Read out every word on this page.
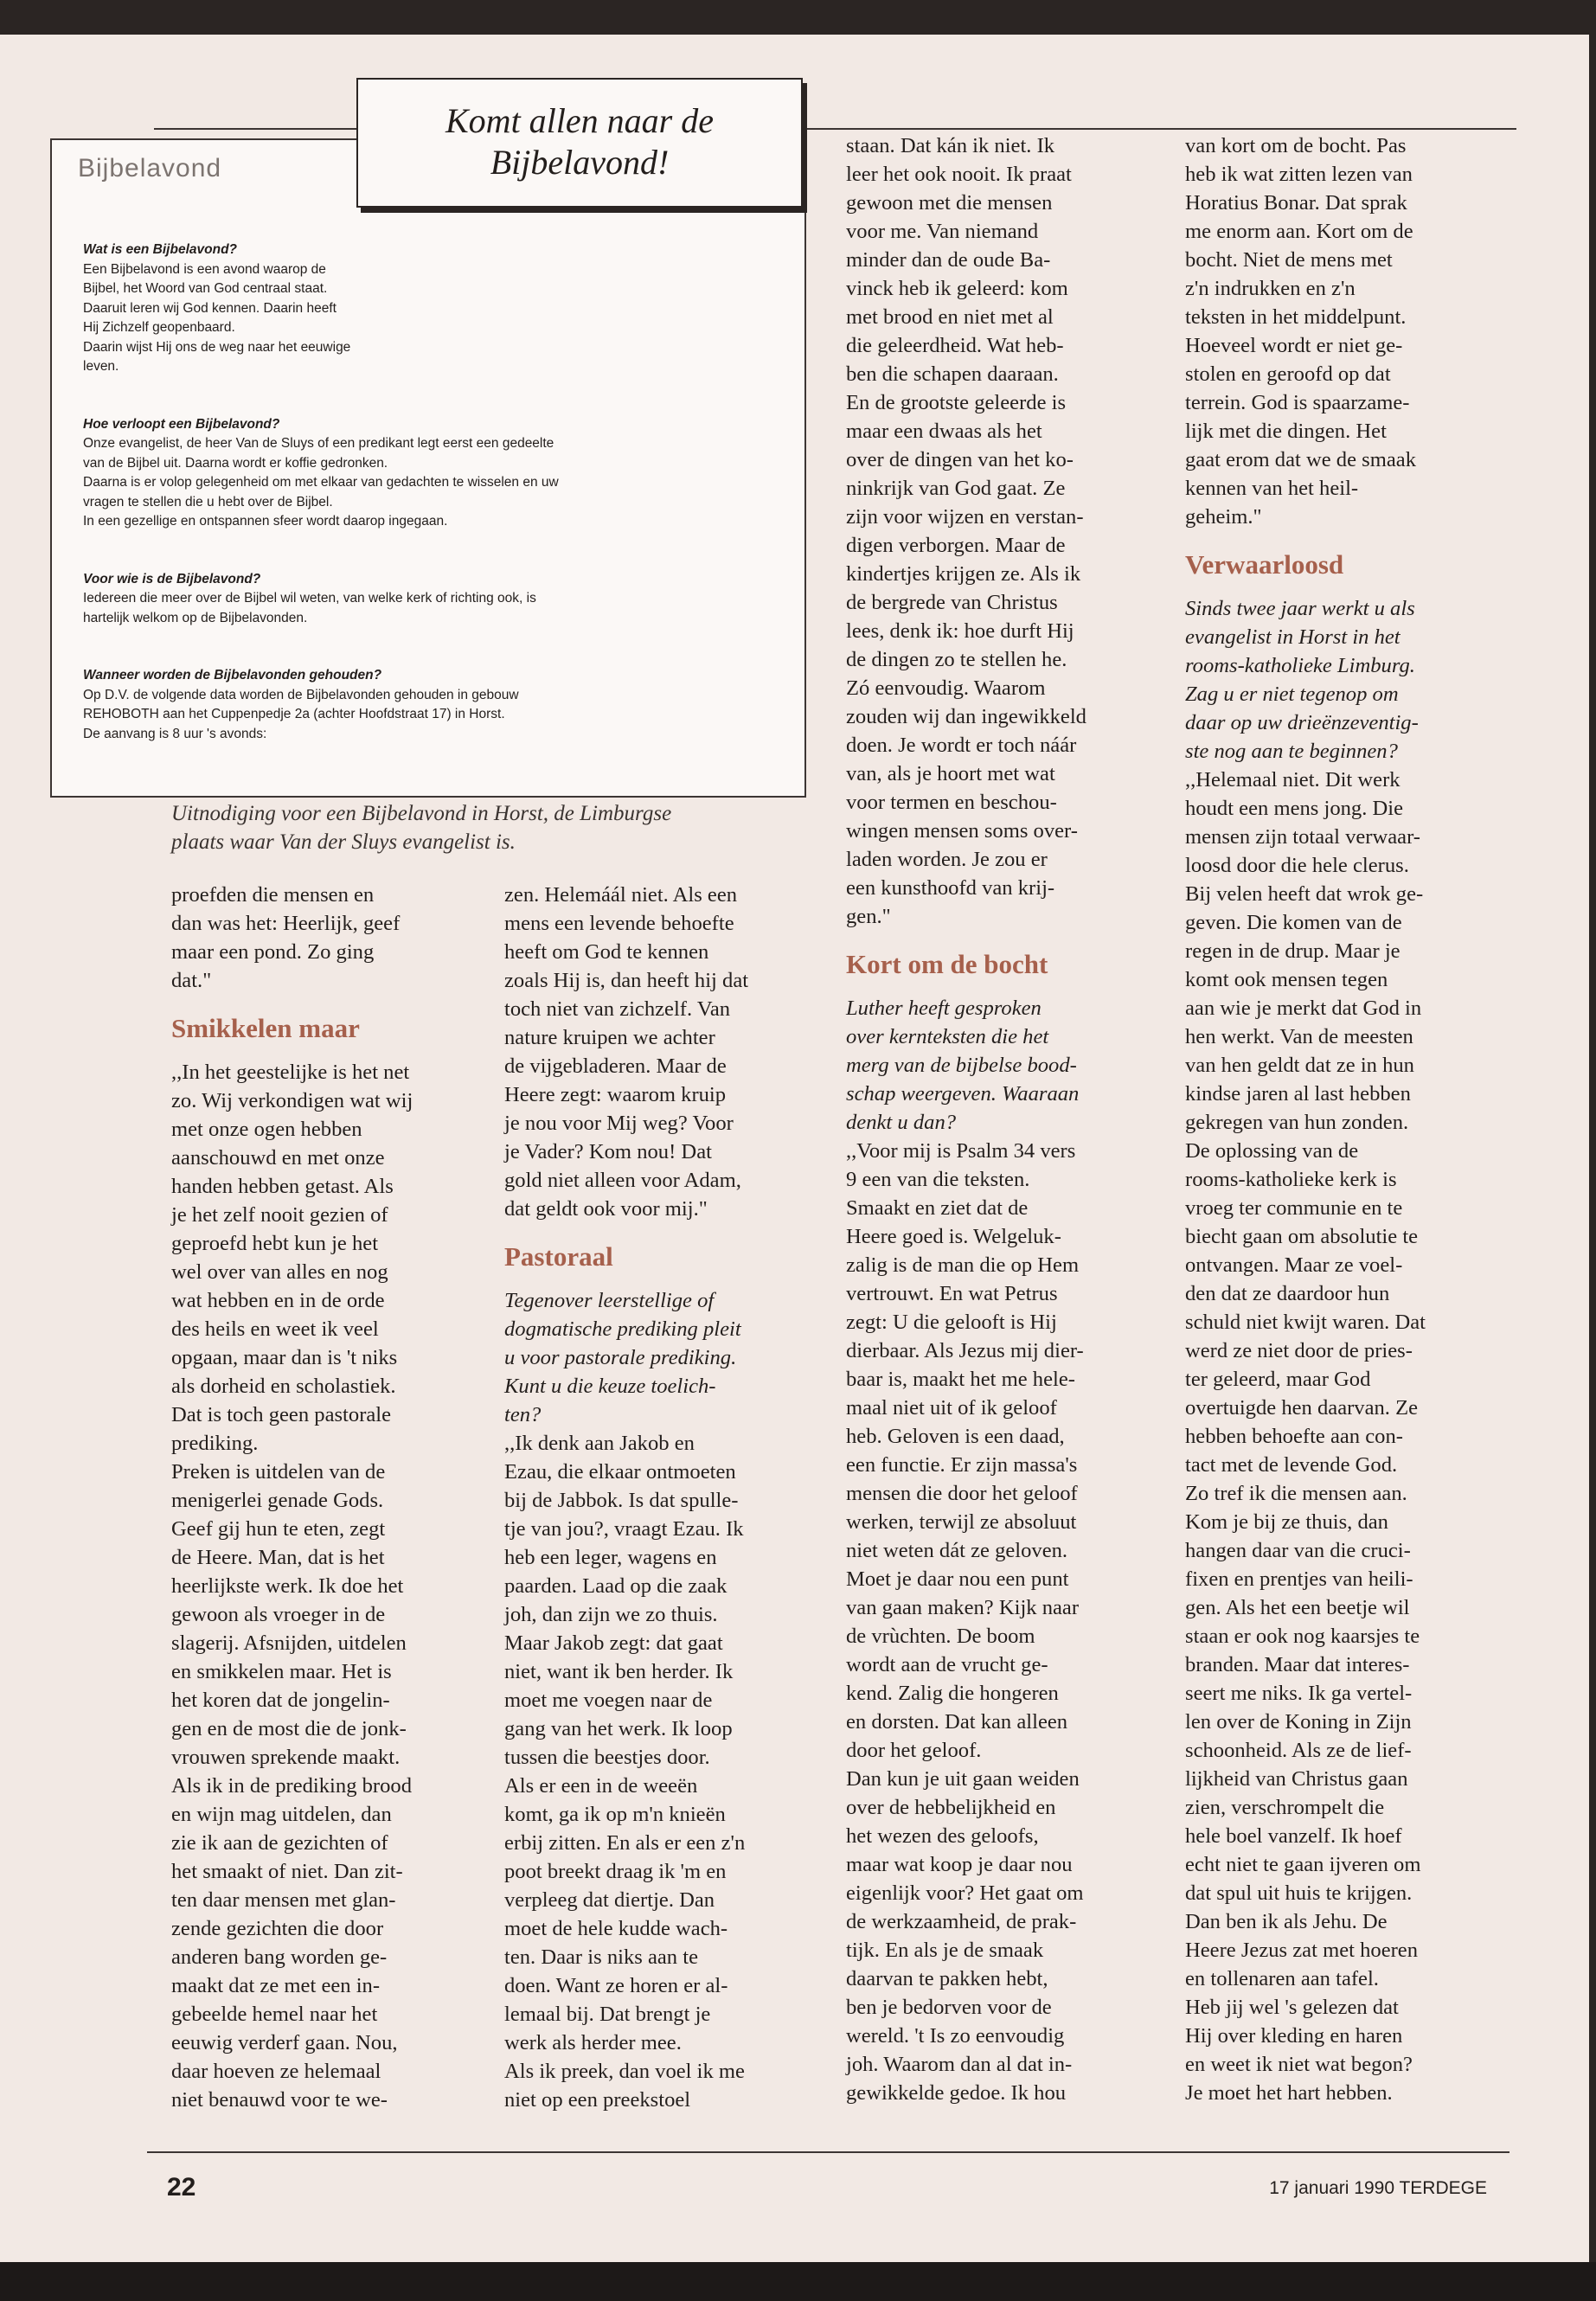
Bijbelavond

Wat is een Bijbelavond?

Een Bijbelavond is een avond waarop de

Bijbel, het Woord van God centraal staat.

Daaruit leren wij God kennen. Daarin heeft

Hij Zichzelf geopenbaard.

Daarin wijst Hij ons de weg naar het eeuwige

leven.

Hoe verloopt een Bijbelavond?

Onze evangelist, de heer Van de Sluys of een predikant legt eerst een gedeelte

van de Bijbel uit. Daarna wordt er koffie gedronken.

Daarna is er volop gelegenheid om met elkaar van gedachten te wisselen en uw

vragen te stellen die u hebt over de Bijbel.

In een gezellige en ontspannen sfeer wordt daarop ingegaan.

Voor wie is de Bijbelavond?

Iedereen die meer over de Bijbel wil weten, van welke kerk of richting ook, is

hartelijk welkom op de Bijbelavonden.

Wanneer worden de Bijbelavonden gehouden?

Op D.V. de volgende data worden de Bijbelavonden gehouden in gebouw

REHOBOTH aan het Cuppenpedje 2a (achter Hoofdstraat 17) in Horst.

De aanvang is 8 uur 's avonds:

Komt allen naar de Bijbelavond!
Uitnodiging voor een Bijbelavond in Horst, de Limburgse
plaats waar Van der Sluys evangelist is.

proefden die mensen en

dan was het: Heerlijk, geef

maar een pond. Zo ging

dat."

Smikkelen maar

,,In het geestelijke is het net

zo. Wij verkondigen wat wij

met onze ogen hebben

aanschouwd en met onze

handen hebben getast. Als

je het zelf nooit gezien of

geproefd hebt kun je het

wel over van alles en nog

wat hebben en in de orde

des heils en weet ik veel

opgaan, maar dan is 't niks

als dorheid en scholastiek.

Dat is toch geen pastorale

prediking.

Preken is uitdelen van de

menigerlei genade Gods.

Geef gij hun te eten, zegt

de Heere. Man, dat is het

heerlijkste werk. Ik doe het

gewoon als vroeger in de

slagerij. Afsnijden, uitdelen

en smikkelen maar. Het is

het koren dat de jongelin-

gen en de most die de jonk-

vrouwen sprekende maakt.

Als ik in de prediking brood

en wijn mag uitdelen, dan

zie ik aan de gezichten of

het smaakt of niet. Dan zit-

ten daar mensen met glan-

zende gezichten die door

anderen bang worden ge-

maakt dat ze met een in-

gebeelde hemel naar het

eeuwig verderf gaan. Nou,

daar hoeven ze helemaal

niet benauwd voor te we-

zen. Helemáál niet. Als een

mens een levende behoefte

heeft om God te kennen

zoals Hij is, dan heeft hij dat

toch niet van zichzelf. Van

nature kruipen we achter

de vijgebladeren. Maar de

Heere zegt: waarom kruip

je nou voor Mij weg? Voor

je Vader? Kom nou! Dat

gold niet alleen voor Adam,

dat geldt ook voor mij."

Pastoraal

Tegenover leerstellige of

dogmatische prediking pleit

u voor pastorale prediking.

Kunt u die keuze toelich-

ten?

,,Ik denk aan Jakob en

Ezau, die elkaar ontmoeten

bij de Jabbok. Is dat spulle-

tje van jou?, vraagt Ezau. Ik

heb een leger, wagens en

paarden. Laad op die zaak

joh, dan zijn we zo thuis.

Maar Jakob zegt: dat gaat

niet, want ik ben herder. Ik

moet me voegen naar de

gang van het werk. Ik loop

tussen die beestjes door.

Als er een in de weeën

komt, ga ik op m'n knieën

erbij zitten. En als er een z'n

poot breekt draag ik 'm en

verpleeg dat diertje. Dan

moet de hele kudde wach-

ten. Daar is niks aan te

doen. Want ze horen er al-

lemaal bij. Dat brengt je

werk als herder mee.

Als ik preek, dan voel ik me

niet op een preekstoel

staan. Dat kán ik niet. Ik

leer het ook nooit. Ik praat

gewoon met die mensen

voor me. Van niemand

minder dan de oude Ba-

vinck heb ik geleerd: kom

met brood en niet met al

die geleerdheid. Wat heb-

ben die schapen daaraan.

En de grootste geleerde is

maar een dwaas als het

over de dingen van het ko-

ninkrijk van God gaat. Ze

zijn voor wijzen en verstan-

digen verborgen. Maar de

kindertjes krijgen ze. Als ik

de bergrede van Christus

lees, denk ik: hoe durft Hij

de dingen zo te stellen he.

Zó eenvoudig. Waarom

zouden wij dan ingewikkeld

doen. Je wordt er toch náár

van, als je hoort met wat

voor termen en beschou-

wingen mensen soms over-

laden worden. Je zou er

een kunsthoofd van krij-

gen."

Kort om de bocht

Luther heeft gesproken

over kernteksten die het

merg van de bijbelse bood-

schap weergeven. Waaraan

denkt u dan?

,,Voor mij is Psalm 34 vers

9 een van die teksten.

Smaakt en ziet dat de

Heere goed is. Welgeluk-

zalig is de man die op Hem

vertrouwt. En wat Petrus

zegt: U die gelooft is Hij

dierbaar. Als Jezus mij dier-

baar is, maakt het me hele-

maal niet uit of ik geloof

heb. Geloven is een daad,

een functie. Er zijn massa's

mensen die door het geloof

werken, terwijl ze absoluut

niet weten dát ze geloven.

Moet je daar nou een punt

van gaan maken? Kijk naar

de vrùchten. De boom

wordt aan de vrucht ge-

kend. Zalig die hongeren

en dorsten. Dat kan alleen

door het geloof.

Dan kun je uit gaan weiden

over de hebbelijkheid en

het wezen des geloofs,

maar wat koop je daar nou

eigenlijk voor? Het gaat om

de werkzaamheid, de prak-

tijk. En als je de smaak

daarvan te pakken hebt,

ben je bedorven voor de

wereld. 't Is zo eenvoudig

joh. Waarom dan al dat in-

gewikkelde gedoe. Ik hou

van kort om de bocht. Pas

heb ik wat zitten lezen van

Horatius Bonar. Dat sprak

me enorm aan. Kort om de

bocht. Niet de mens met

z'n indrukken en z'n

teksten in het middelpunt.

Hoeveel wordt er niet ge-

stolen en geroofd op dat

terrein. God is spaarzame-

lijk met die dingen. Het

gaat erom dat we de smaak

kennen van het heil-

geheim."

Verwaarloosd

Sinds twee jaar werkt u als

evangelist in Horst in het

rooms-katholieke Limburg.

Zag u er niet tegenop om

daar op uw drieënzeventig-

ste nog aan te beginnen?

,,Helemaal niet. Dit werk

houdt een mens jong. Die

mensen zijn totaal verwaar-

loosd door die hele clerus.

Bij velen heeft dat wrok ge-

geven. Die komen van de

regen in de drup. Maar je

komt ook mensen tegen

aan wie je merkt dat God in

hen werkt. Van de meesten

van hen geldt dat ze in hun

kindse jaren al last hebben

gekregen van hun zonden.

De oplossing van de

rooms-katholieke kerk is

vroeg ter communie en te

biecht gaan om absolutie te

ontvangen. Maar ze voel-

den dat ze daardoor hun

schuld niet kwijt waren. Dat

werd ze niet door de pries-

ter geleerd, maar God

overtuigde hen daarvan. Ze

hebben behoefte aan con-

tact met de levende God.

Zo tref ik die mensen aan.

Kom je bij ze thuis, dan

hangen daar van die cruci-

fixen en prentjes van heili-

gen. Als het een beetje wil

staan er ook nog kaarsjes te

branden. Maar dat interes-

seert me niks. Ik ga vertel-

len over de Koning in Zijn

schoonheid. Als ze de lief-

lijkheid van Christus gaan

zien, verschrompelt die

hele boel vanzelf. Ik hoef

echt niet te gaan ijveren om

dat spul uit huis te krijgen.

Dan ben ik als Jehu. De

Heere Jezus zat met hoeren

en tollenaren aan tafel.

Heb jij wel 's gelezen dat

Hij over kleding en haren

en weet ik niet wat begon?

Je moet het hart hebben.

22	17 januari 1990 TERDEGE
